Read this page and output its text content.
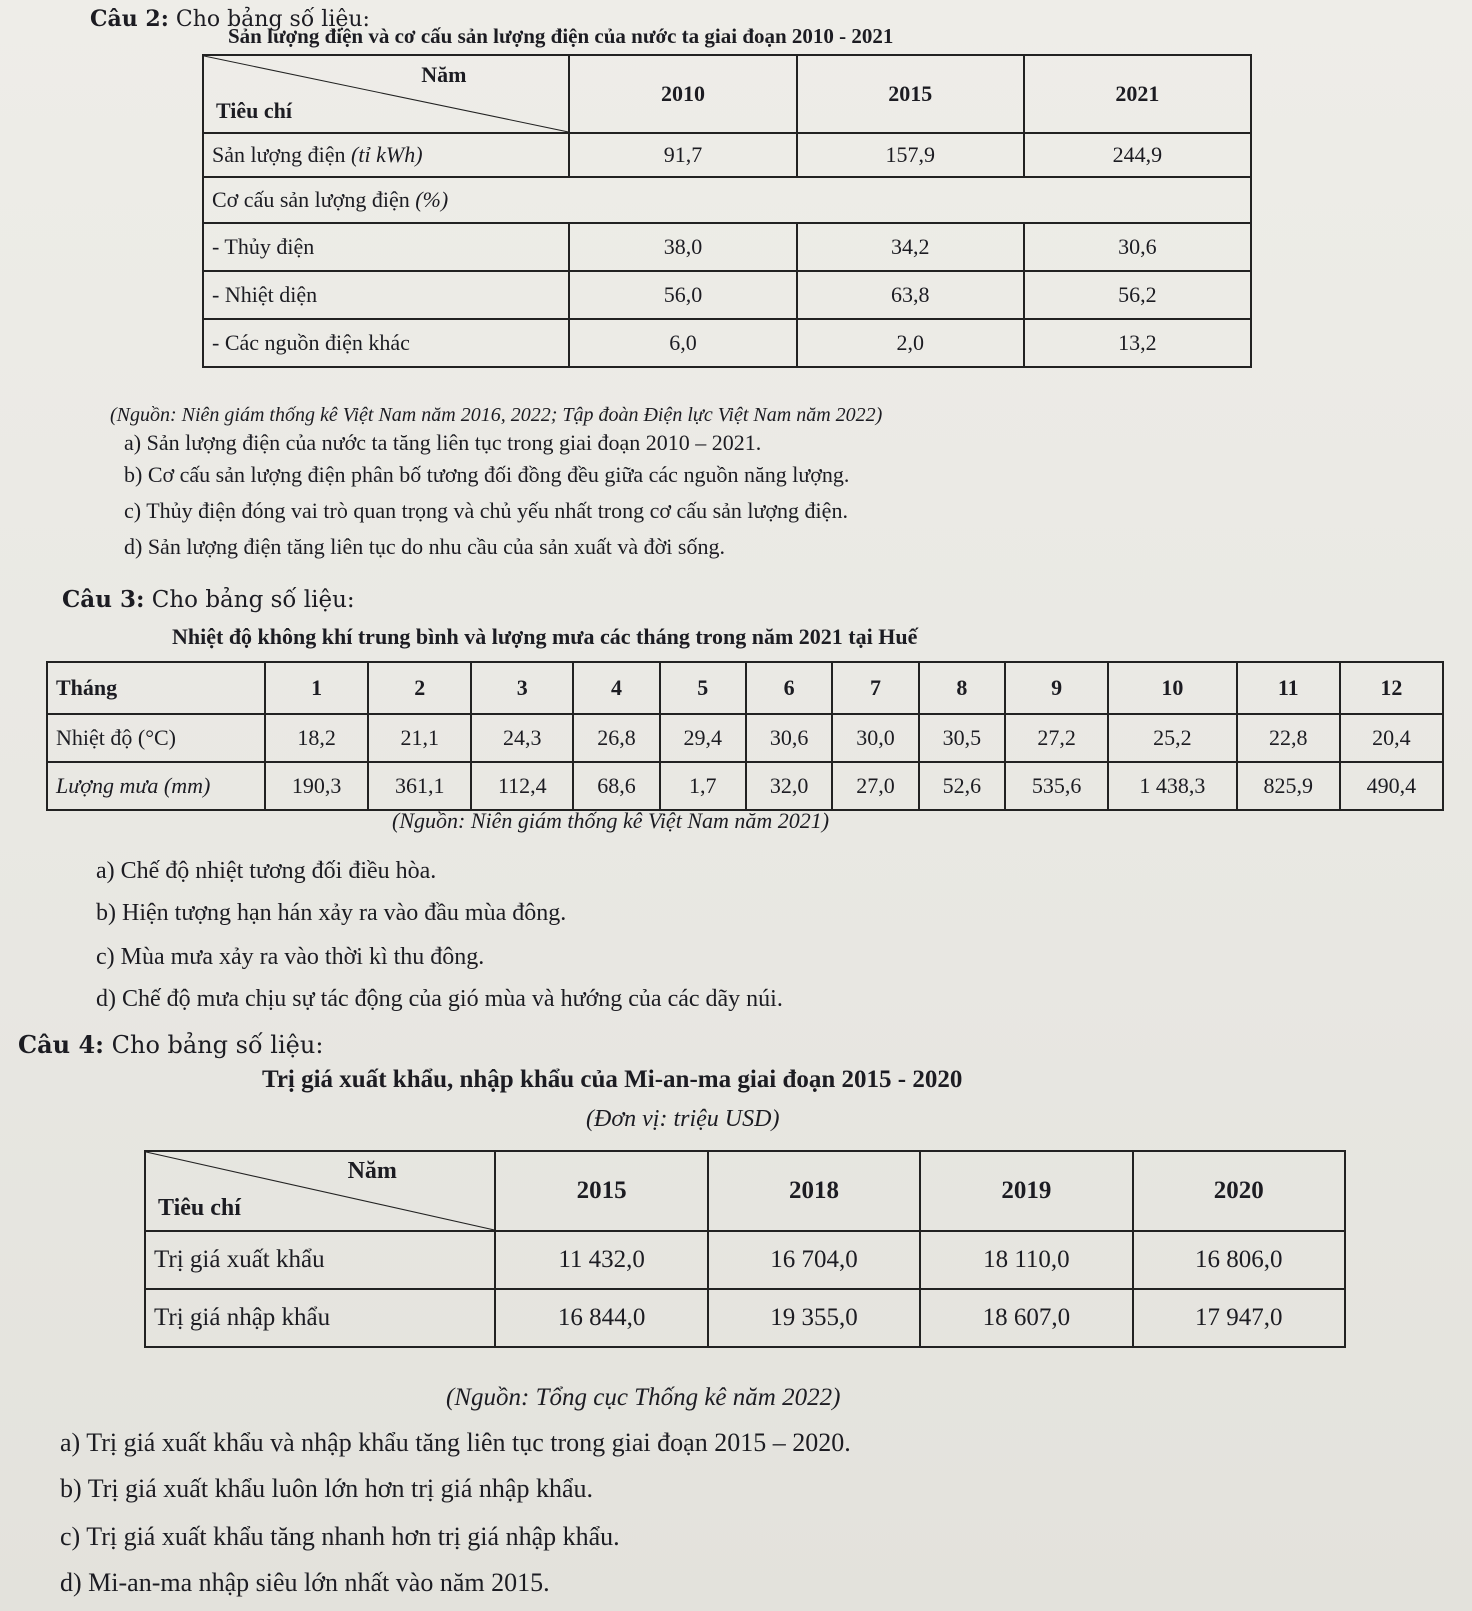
Câu 2: Cho bảng số liệu:
Sản lượng điện và cơ cấu sản lượng điện của nước ta giai đoạn 2010 - 2021
Năm
Tiêu chí	2010	2015	2021
Sản lượng điện (tỉ kWh)	91,7	157,9	244,9
Cơ cấu sản lượng điện (%)			
- Thủy điện	38,0	34,2	30,6
- Nhiệt diện	56,0	63,8	56,2
- Các nguồn điện khác	6,0	2,0	13,2
(Nguồn: Niên giám thống kê Việt Nam năm 2016, 2022; Tập đoàn Điện lực Việt Nam năm 2022)
a) Sản lượng điện của nước ta tăng liên tục trong giai đoạn 2010 – 2021.
b) Cơ cấu sản lượng điện phân bố tương đối đồng đều giữa các nguồn năng lượng.
c) Thủy điện đóng vai trò quan trọng và chủ yếu nhất trong cơ cấu sản lượng điện.
d) Sản lượng điện tăng liên tục do nhu cầu của sản xuất và đời sống.
Câu 3: Cho bảng số liệu:
Nhiệt độ không khí trung bình và lượng mưa các tháng trong năm 2021 tại Huế
Tháng	1	2	3	4	5	6	7	8	9	10	11	12
Nhiệt độ (°C)	18,2	21,1	24,3	26,8	29,4	30,6	30,0	30,5	27,2	25,2	22,8	20,4
Lượng mưa (mm)	190,3	361,1	112,4	68,6	1,7	32,0	27,0	52,6	535,6	1 438,3	825,9	490,4
(Nguồn: Niên giám thống kê Việt Nam năm 2021)
a) Chế độ nhiệt tương đối điều hòa.
b) Hiện tượng hạn hán xảy ra vào đầu mùa đông.
c) Mùa mưa xảy ra vào thời kì thu đông.
d) Chế độ mưa chịu sự tác động của gió mùa và hướng của các dãy núi.
Câu 4: Cho bảng số liệu:
Trị giá xuất khẩu, nhập khẩu của Mi-an-ma giai đoạn 2015 - 2020
(Đơn vị: triệu USD)
Năm
Tiêu chí	2015	2018	2019	2020
Trị giá xuất khẩu	11 432,0	16 704,0	18 110,0	16 806,0
Trị giá nhập khẩu	16 844,0	19 355,0	18 607,0	17 947,0
(Nguồn: Tổng cục Thống kê năm 2022)
a) Trị giá xuất khẩu và nhập khẩu tăng liên tục trong giai đoạn 2015 – 2020.
b) Trị giá xuất khẩu luôn lớn hơn trị giá nhập khẩu.
c) Trị giá xuất khẩu tăng nhanh hơn trị giá nhập khẩu.
d) Mi-an-ma nhập siêu lớn nhất vào năm 2015.
